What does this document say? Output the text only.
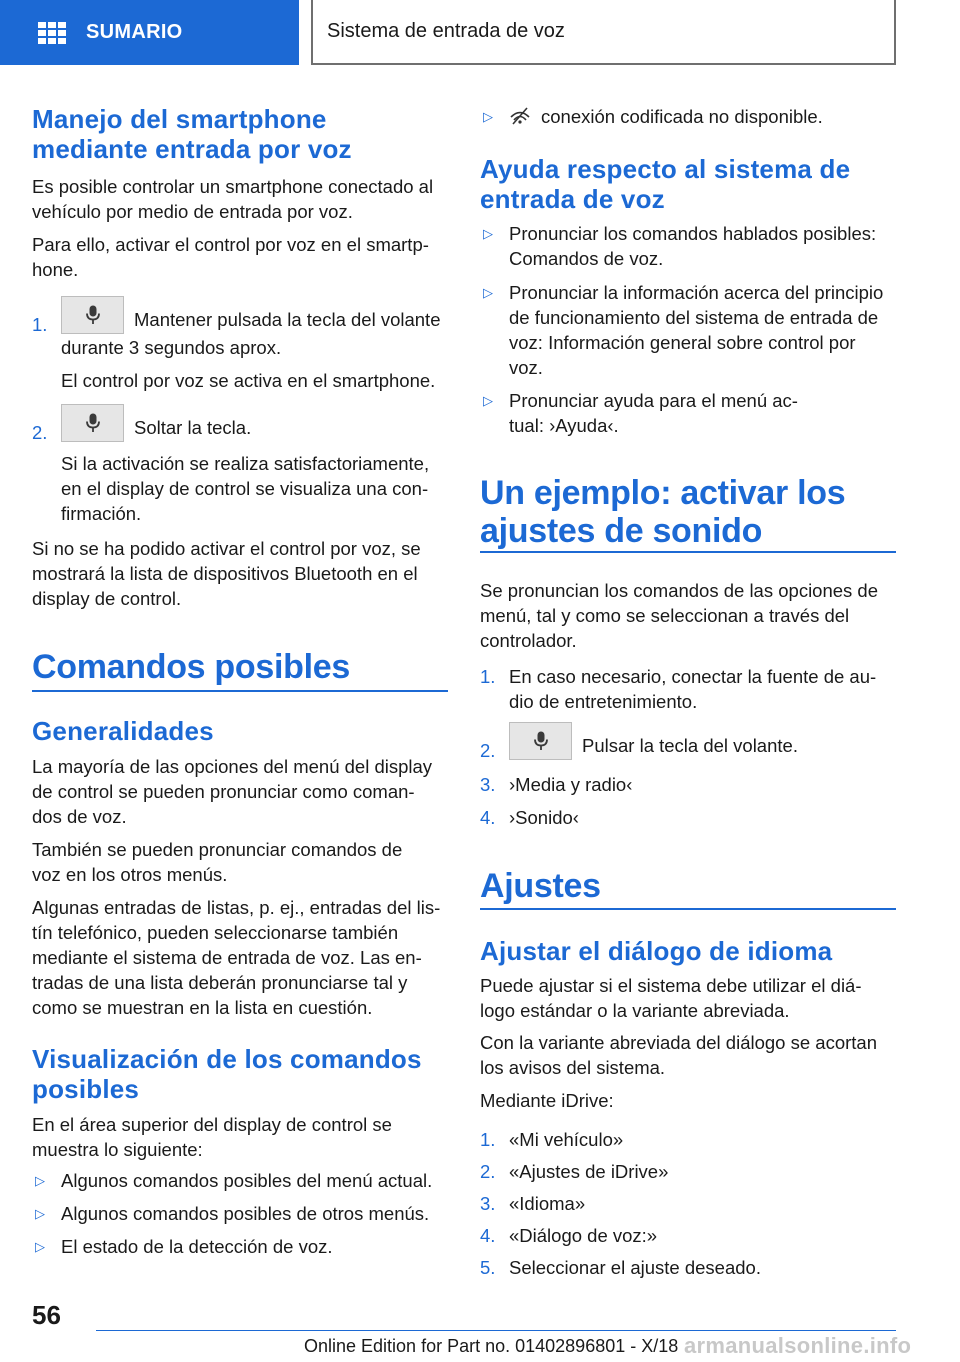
SUMARIO	Sistema de entrada de voz
Manejo del smartphone
mediante entrada por voz
Es posible controlar un smartphone conectado al
vehículo por medio de entrada por voz.
Para ello, activar el control por voz en el smartp‐
hone.
1.	Mantener pulsada la tecla del volante
durante 3 segundos aprox.
El control por voz se activa en el smartphone.
2.	Soltar la tecla.
Si la activación se realiza satisfactoriamente,
en el display de control se visualiza una con‐
firmación.
Si no se ha podido activar el control por voz, se
mostrará la lista de dispositivos Bluetooth en el
display de control.
Comandos posibles
Generalidades
La mayoría de las opciones del menú del display
de control se pueden pronunciar como coman‐
dos de voz.
También se pueden pronunciar comandos de
voz en los otros menús.
Algunas entradas de listas, p. ej., entradas del lis‐
tín telefónico, pueden seleccionarse también
mediante el sistema de entrada de voz. Las en‐
tradas de una lista deberán pronunciarse tal y
como se muestran en la lista en cuestión.
Visualización de los comandos
posibles
En el área superior del display de control se
muestra lo siguiente:
▷ Algunos comandos posibles del menú actual.
▷ Algunos comandos posibles de otros menús.
▷ El estado de la detección de voz.
▷	conexión codificada no disponible.
Ayuda respecto al sistema de
entrada de voz
▷ Pronunciar los comandos hablados posibles:
Comandos de voz.
▷ Pronunciar la información acerca del principio
de funcionamiento del sistema de entrada de
voz: Información general sobre control por
voz.
▷ Pronunciar ayuda para el menú ac‐
tual: ›Ayuda‹.
Un ejemplo: activar los
ajustes de sonido
Se pronuncian los comandos de las opciones de
menú, tal y como se seleccionan a través del
controlador.
1. En caso necesario, conectar la fuente de au‐
dio de entretenimiento.
2.	Pulsar la tecla del volante.
3. ›Media y radio‹
4. ›Sonido‹
Ajustes
Ajustar el diálogo de idioma
Puede ajustar si el sistema debe utilizar el diá‐
logo estándar o la variante abreviada.
Con la variante abreviada del diálogo se acortan
los avisos del sistema.
Mediante iDrive:
1. «Mi vehículo»
2. «Ajustes de iDrive»
3. «Idioma»
4. «Diálogo de voz:»
5. Seleccionar el ajuste deseado.
56
Online Edition for Part no. 01402896801 - X/18 armanualsonline.info
